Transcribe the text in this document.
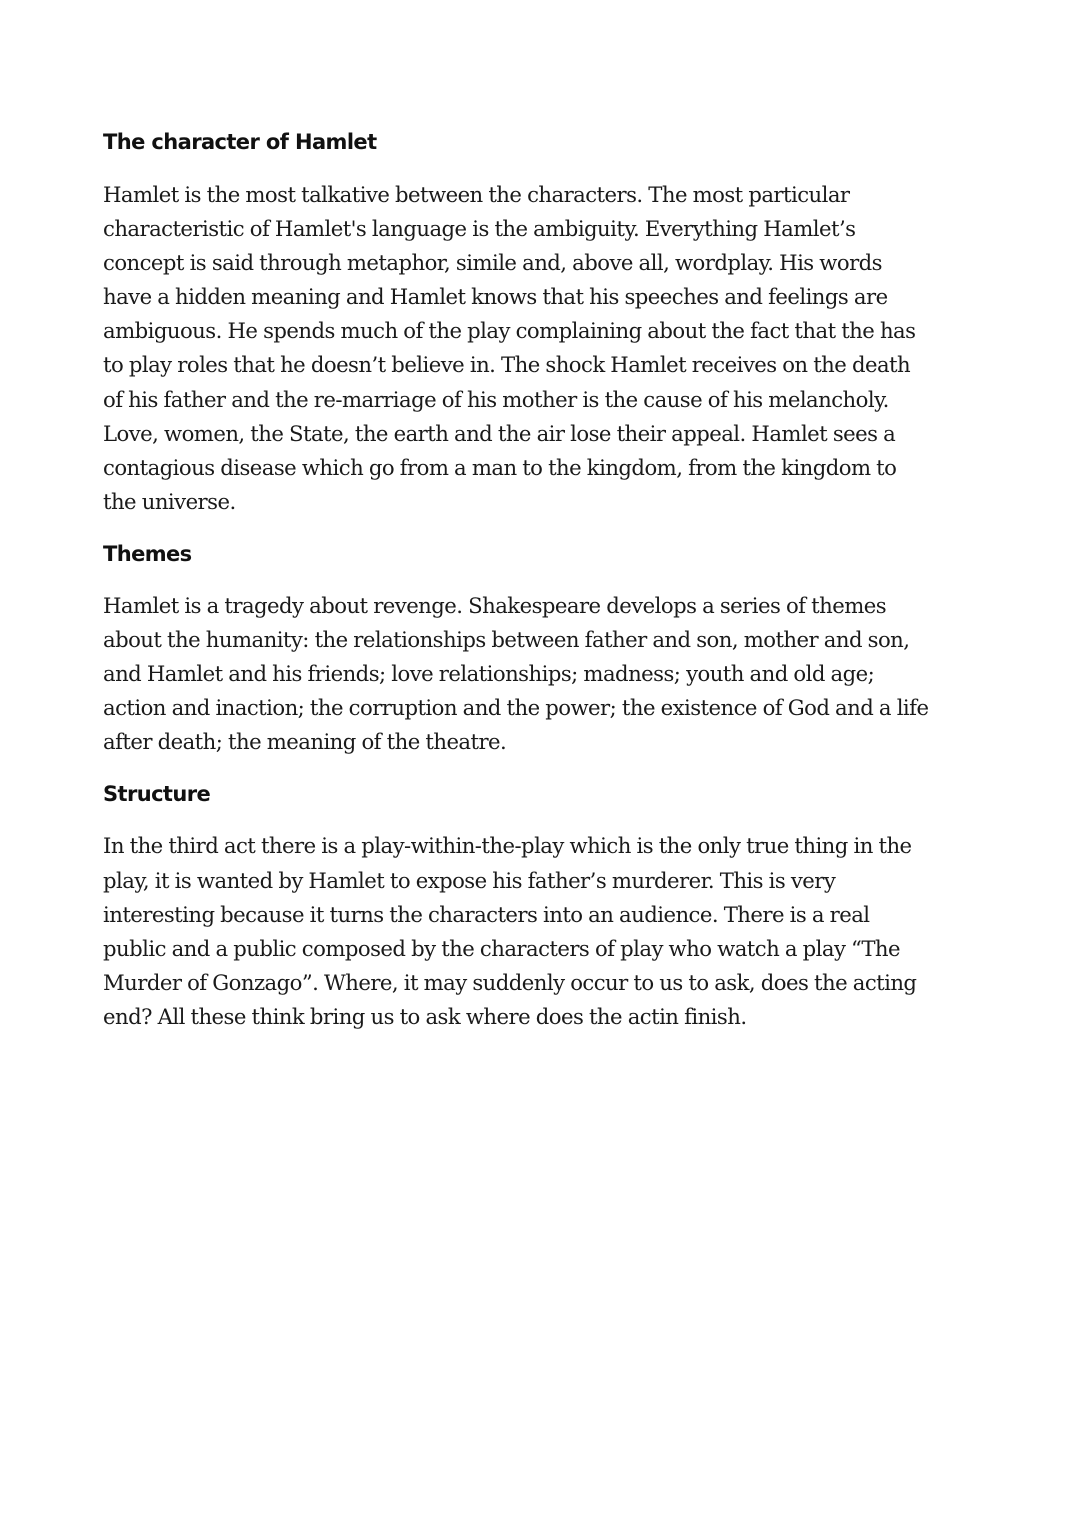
The character of Hamlet

Hamlet is the most talkative between the characters. The most particular
characteristic of Hamlet's language is the ambiguity. Everything Hamlet’s
concept is said through metaphor, simile and, above all, wordplay. His words
have a hidden meaning and Hamlet knows that his speeches and feelings are
ambiguous. He spends much of the play complaining about the fact that the has
to play roles that he doesn’t believe in. The shock Hamlet receives on the death
of his father and the re-marriage of his mother is the cause of his melancholy.
Love, women, the State, the earth and the air lose their appeal. Hamlet sees a
contagious disease which go from a man to the kingdom, from the kingdom to
the universe.

Themes

Hamlet is a tragedy about revenge. Shakespeare develops a series of themes
about the humanity: the relationships between father and son, mother and son,
and Hamlet and his friends; love relationships; madness; youth and old age;
action and inaction; the corruption and the power; the existence of God and a life
after death; the meaning of the theatre.

Structure

In the third act there is a play-within-the-play which is the only true thing in the
play, it is wanted by Hamlet to expose his father’s murderer. This is very
interesting because it turns the characters into an audience. There is a real
public and a public composed by the characters of play who watch a play “The
Murder of Gonzago”. Where, it may suddenly occur to us to ask, does the acting
end? All these think bring us to ask where does the actin finish.
